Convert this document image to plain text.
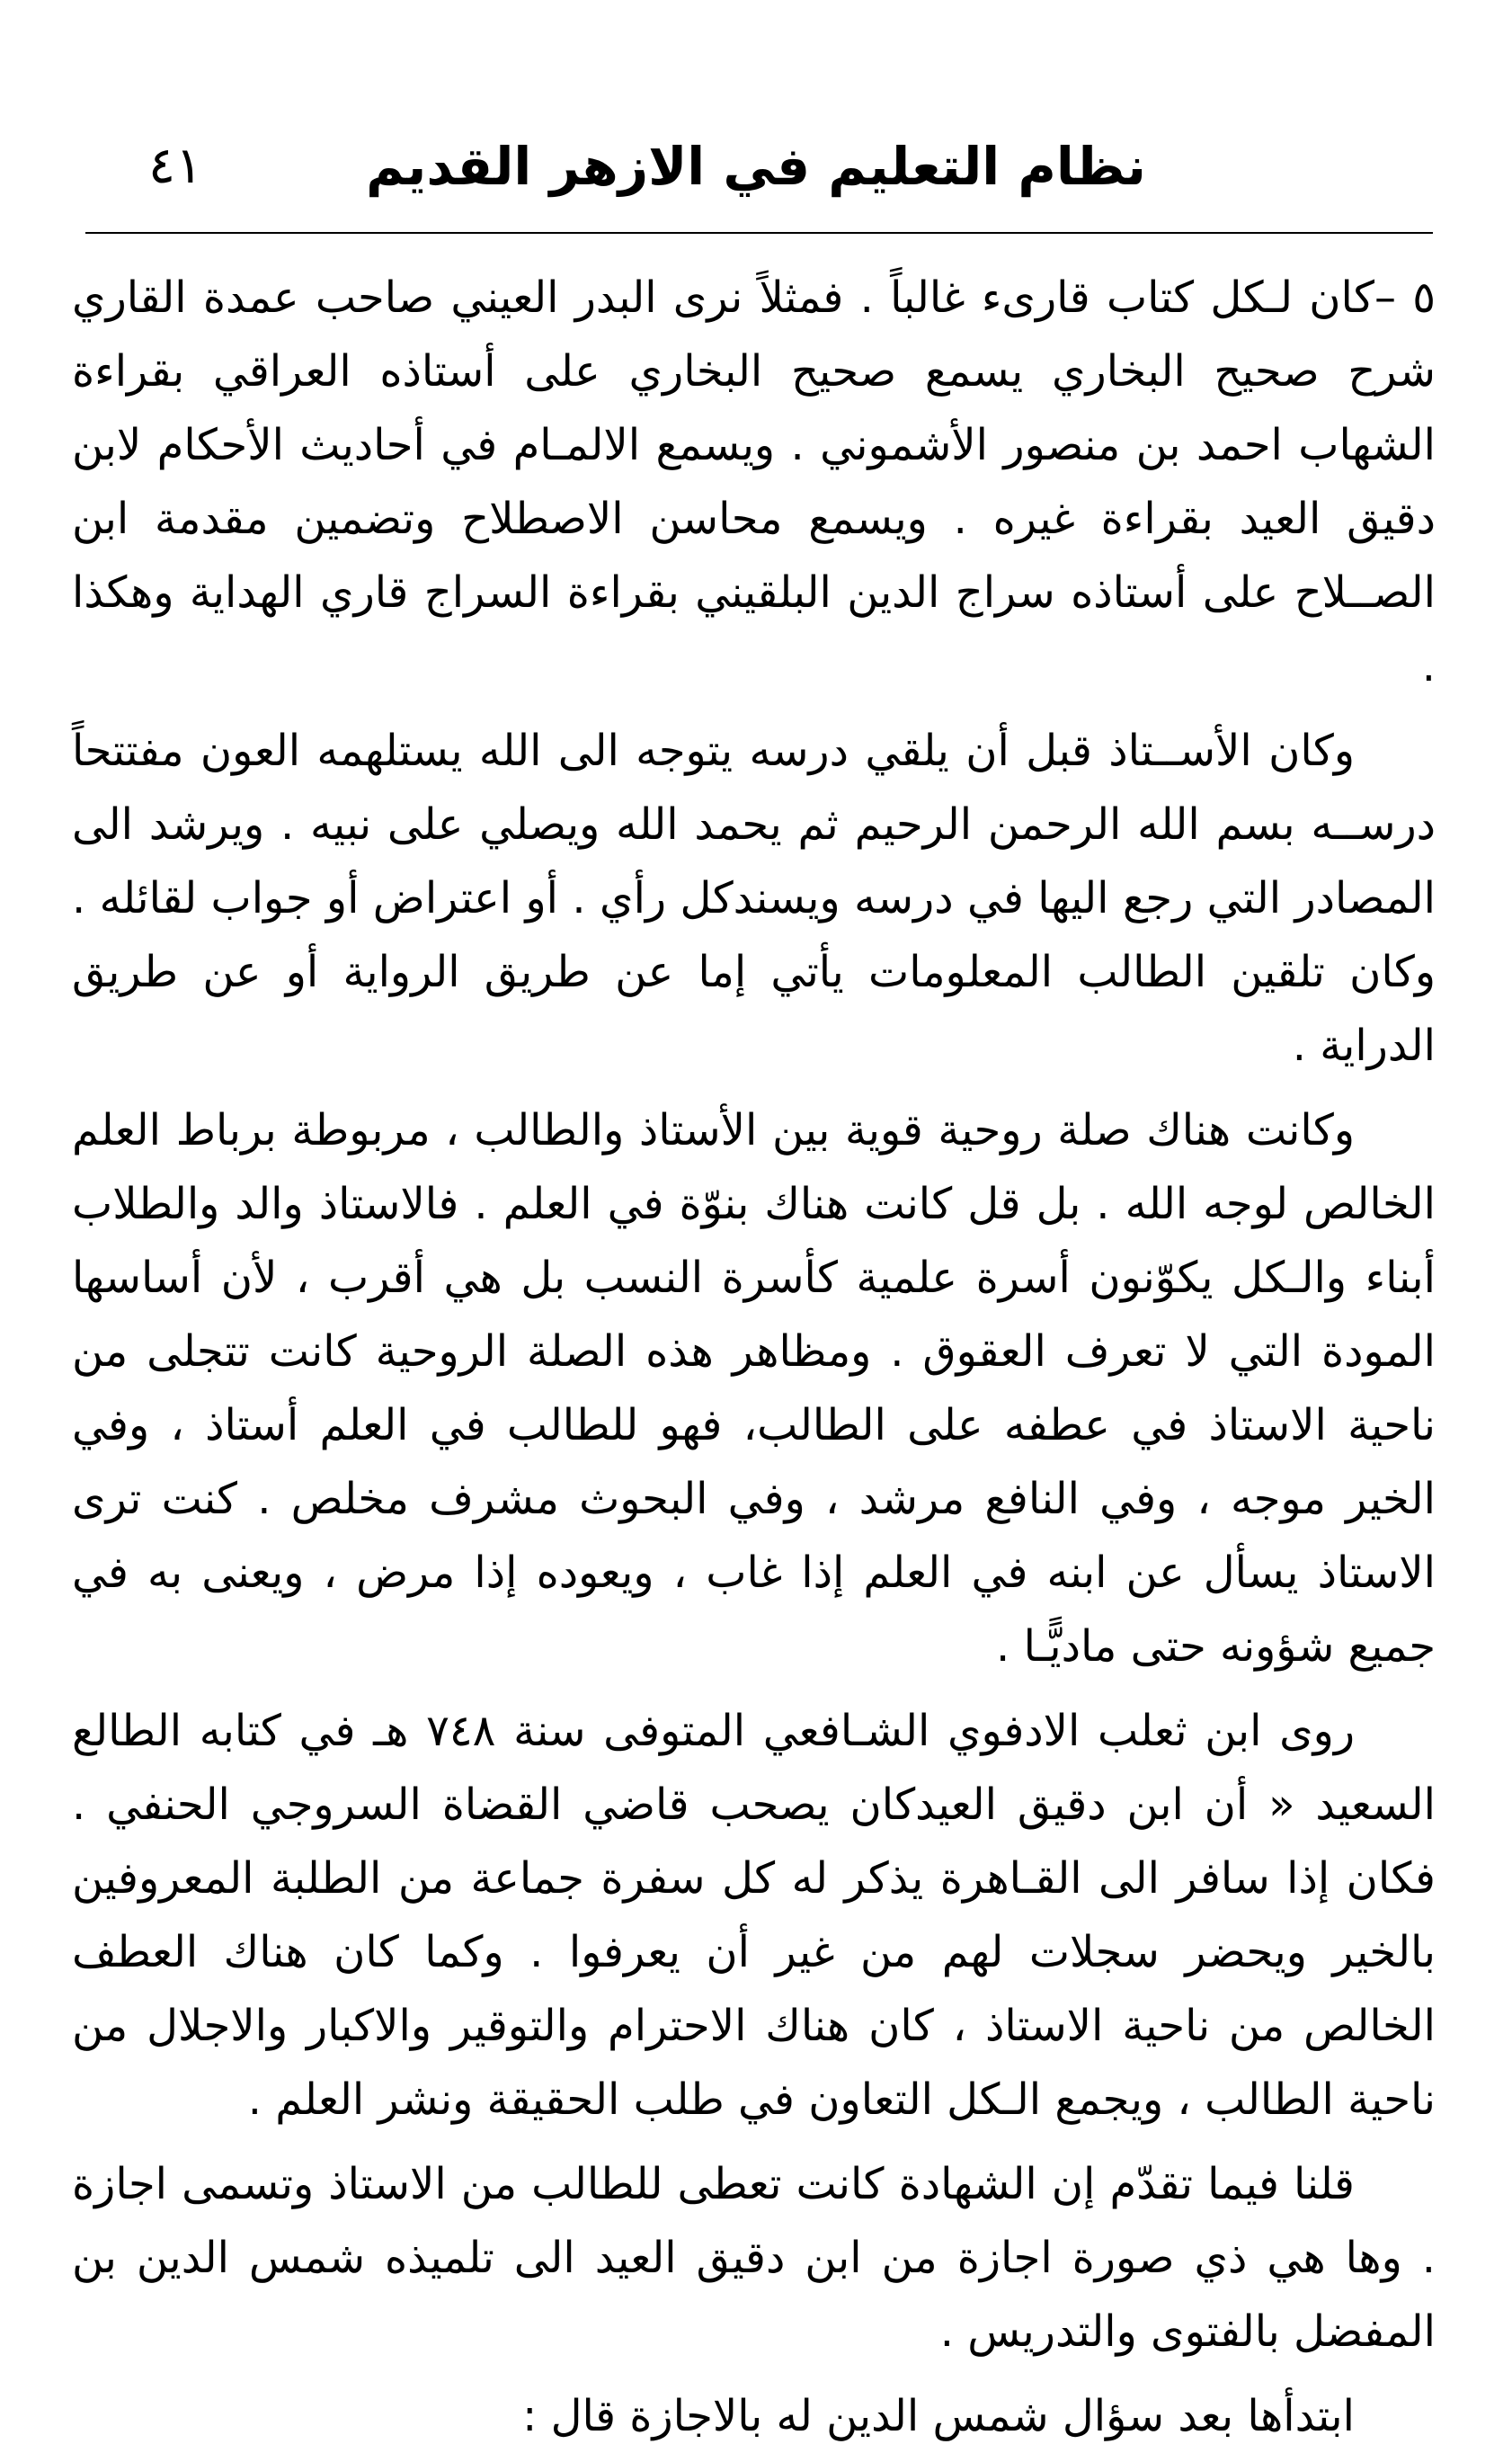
نظام التعليم في الازهر القديم
٤١

٥ –كان لـكل كتاب قارىء غالباً . فمثلاً نرى البدر العيني صاحب عمدة القاري شرح صحيح البخاري يسمع صحيح البخاري على أستاذه العراقي بقراءة الشهاب احمد بن منصور الأشموني . ويسمع الالمـام في أحاديث الأحكام لابن دقيق العيد بقراءة غيره . ويسمع محاسن الاصطلاح وتضمين مقدمة ابن الصــلاح على أستاذه سراج الدين البلقيني بقراءة السراج قاري الهداية وهكذا .

وكان الأســتاذ قبل أن يلقي درسه يتوجه الى الله يستلهمه العون مفتتحاً درســه بسم الله الرحمن الرحيم ثم يحمد الله ويصلي على نبيه . ويرشد الى المصادر التي رجع اليها في درسه ويسندكل رأي . أو اعتراض أو جواب لقائله . وكان تلقين الطالب المعلومات يأتي إما عن طريق الرواية أو عن طريق الدراية .

وكانت هناك صلة روحية قوية بين الأستاذ والطالب ، مربوطة برباط العلم الخالص لوجه الله . بل قل كانت هناك بنوّة في العلم . فالاستاذ والد والطلاب أبناء والـكل يكوّنون أسرة علمية كأسرة النسب بل هي أقرب ، لأن أساسها المودة التي لا تعرف العقوق . ومظاهر هذه الصلة الروحية كانت تتجلى من ناحية الاستاذ في عطفه على الطالب، فهو للطالب في العلم أستاذ ، وفي الخير موجه ، وفي النافع مرشد ، وفي البحوث مشرف مخلص . كنت ترى الاستاذ يسأل عن ابنه في العلم إذا غاب ، ويعوده إذا مرض ، ويعنى به في جميع شؤونه حتى ماديًّـا .

روى ابن ثعلب الادفوي الشـافعي المتوفى سنة ٧٤٨ هـ في كتابه الطالع السعيد « أن ابن دقيق العيدكان يصحب قاضي القضاة السروجي الحنفي . فكان إذا سافر الى القـاهرة يذكر له كل سفرة جماعة من الطلبة المعروفين بالخير ويحضر سجلات لهم من غير أن يعرفوا . وكما كان هناك العطف الخالص من ناحية الاستاذ ، كان هناك الاحترام والتوقير والاكبار والاجلال من ناحية الطالب ، ويجمع الـكل التعاون في طلب الحقيقة ونشر العلم .

قلنا فيما تقدّم إن الشهادة كانت تعطى للطالب من الاستاذ وتسمى اجازة . وها هي ذي صورة اجازة من ابن دقيق العيد الى تلميذه شمس الدين بن المفضل بالفتوى والتدريس .

ابتدأها بعد سؤال شمس الدين له بالاجازة قال :
